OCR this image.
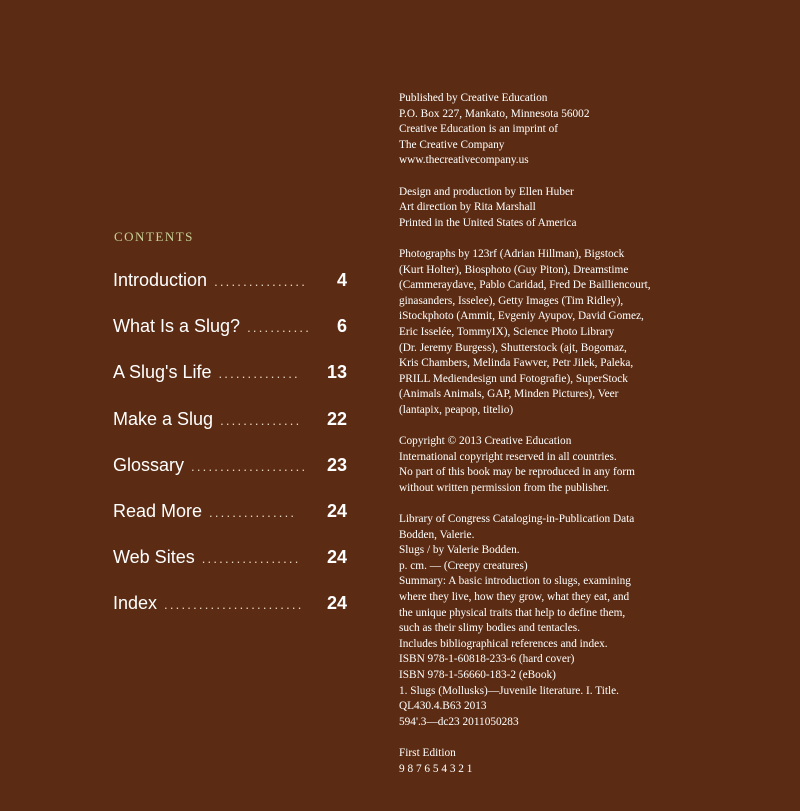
CONTENTS
Introduction ................	4
What Is a Slug? ...........	6
A Slug's Life ..............	13
Make a Slug ..............	22
Glossary ....................	23
Read More ...............	24
Web Sites .................	24
Index ........................	24
Published by Creative Education
P.O. Box 227, Mankato, Minnesota 56002
Creative Education is an imprint of
The Creative Company
www.thecreativecompany.us
Design and production by Ellen Huber
Art direction by Rita Marshall
Printed in the United States of America
Photographs by 123rf (Adrian Hillman), Bigstock
(Kurt Holter), Biosphoto (Guy Piton), Dreamstime
(Cammeraydave, Pablo Caridad, Fred De Bailliencourt,
ginasanders, Isselee), Getty Images (Tim Ridley),
iStockphoto (Ammit, Evgeniy Ayupov, David Gomez,
Eric Isselée, TommyIX), Science Photo Library
(Dr. Jeremy Burgess), Shutterstock (ajt, Bogomaz,
Kris Chambers, Melinda Fawver, Petr Jilek, Paleka,
PRILL Mediendesign und Fotografie), SuperStock
(Animals Animals, GAP, Minden Pictures), Veer
(lantapix, peapop, titelio)
Copyright © 2013 Creative Education
International copyright reserved in all countries.
No part of this book may be reproduced in any form
without written permission from the publisher.
Library of Congress Cataloging-in-Publication Data
Bodden, Valerie.
Slugs / by Valerie Bodden.
p. cm. — (Creepy creatures)
Summary: A basic introduction to slugs, examining
where they live, how they grow, what they eat, and
the unique physical traits that help to define them,
such as their slimy bodies and tentacles.
Includes bibliographical references and index.
ISBN 978-1-60818-233-6 (hard cover)
ISBN 978-1-56660-183-2 (eBook)
1. Slugs (Mollusks)—Juvenile literature. I. Title.
QL430.4.B63 2013
594'.3—dc23 2011050283
First Edition
9 8 7 6 5 4 3 2 1
